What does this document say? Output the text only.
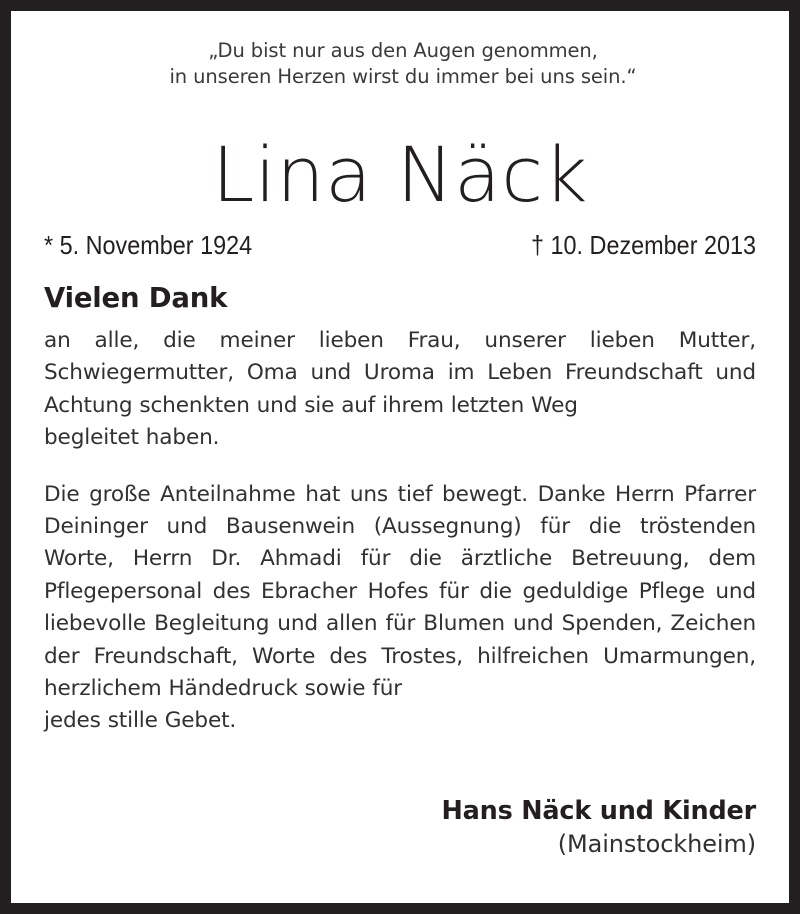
„Du bist nur aus den Augen genommen,
in unseren Herzen wirst du immer bei uns sein.“
Lina Näck
* 5. November 1924	† 10. Dezember 2013
Vielen Dank

an alle, die meiner lieben Frau, unserer lieben Mutter, Schwiegermutter, Oma und Uroma im Leben Freundschaft und Achtung schenkten und sie auf ihrem letzten Weg
begleitet haben.

Die große Anteilnahme hat uns tief bewegt. Danke Herrn Pfarrer Deininger und Bausenwein (Aussegnung) für die tröstenden Worte, Herrn Dr. Ahmadi für die ärztliche Betreuung, dem Pflegepersonal des Ebracher Hofes für die geduldige Pflege und liebevolle Begleitung und allen für Blumen und Spenden, Zeichen der Freundschaft, Worte des Trostes, hilfreichen Umarmungen, herzlichem Händedruck sowie für
jedes stille Gebet.

Hans Näck und Kinder
(Mainstockheim)
